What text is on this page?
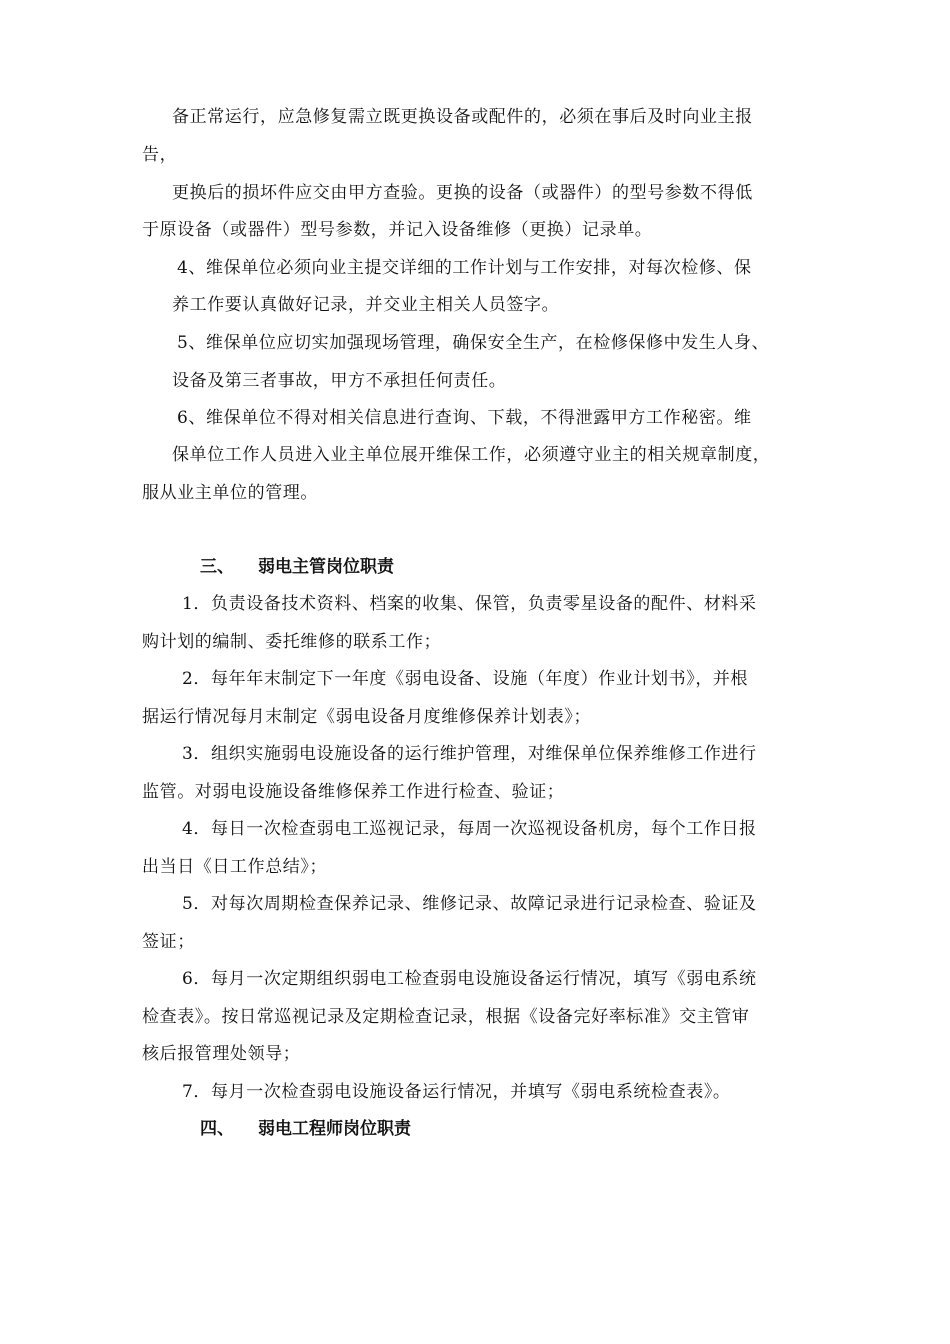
备正常运行，应急修复需立既更换设备或配件的，必须在事后及时向业主报
告，
更换后的损坏件应交由甲方查验。更换的设备（或器件）的型号参数不得低
于原设备（或器件）型号参数，并记入设备维修（更换）记录单。
4、维保单位必须向业主提交详细的工作计划与工作安排，对每次检修、保
养工作要认真做好记录，并交业主相关人员签字。
5、维保单位应切实加强现场管理，确保安全生产，在检修保修中发生人身、
设备及第三者事故，甲方不承担任何责任。
6、维保单位不得对相关信息进行查询、下载，不得泄露甲方工作秘密。维
保单位工作人员进入业主单位展开维保工作，必须遵守业主的相关规章制度，
服从业主单位的管理。
三、 弱电主管岗位职责
1．负责设备技术资料、档案的收集、保管，负责零星设备的配件、材料采
购计划的编制、委托维修的联系工作；
2．每年年末制定下一年度《弱电设备、设施（年度）作业计划书》，并根
据运行情况每月末制定《弱电设备月度维修保养计划表》；
3．组织实施弱电设施设备的运行维护管理，对维保单位保养维修工作进行
监管。对弱电设施设备维修保养工作进行检查、验证；
4．每日一次检查弱电工巡视记录，每周一次巡视设备机房，每个工作日报
出当日《日工作总结》；
5．对每次周期检查保养记录、维修记录、故障记录进行记录检查、验证及
签证；
6．每月一次定期组织弱电工检查弱电设施设备运行情况，填写《弱电系统
检查表》。按日常巡视记录及定期检查记录，根据《设备完好率标准》交主管审
核后报管理处领导；
7．每月一次检查弱电设施设备运行情况，并填写《弱电系统检查表》。
四、 弱电工程师岗位职责
